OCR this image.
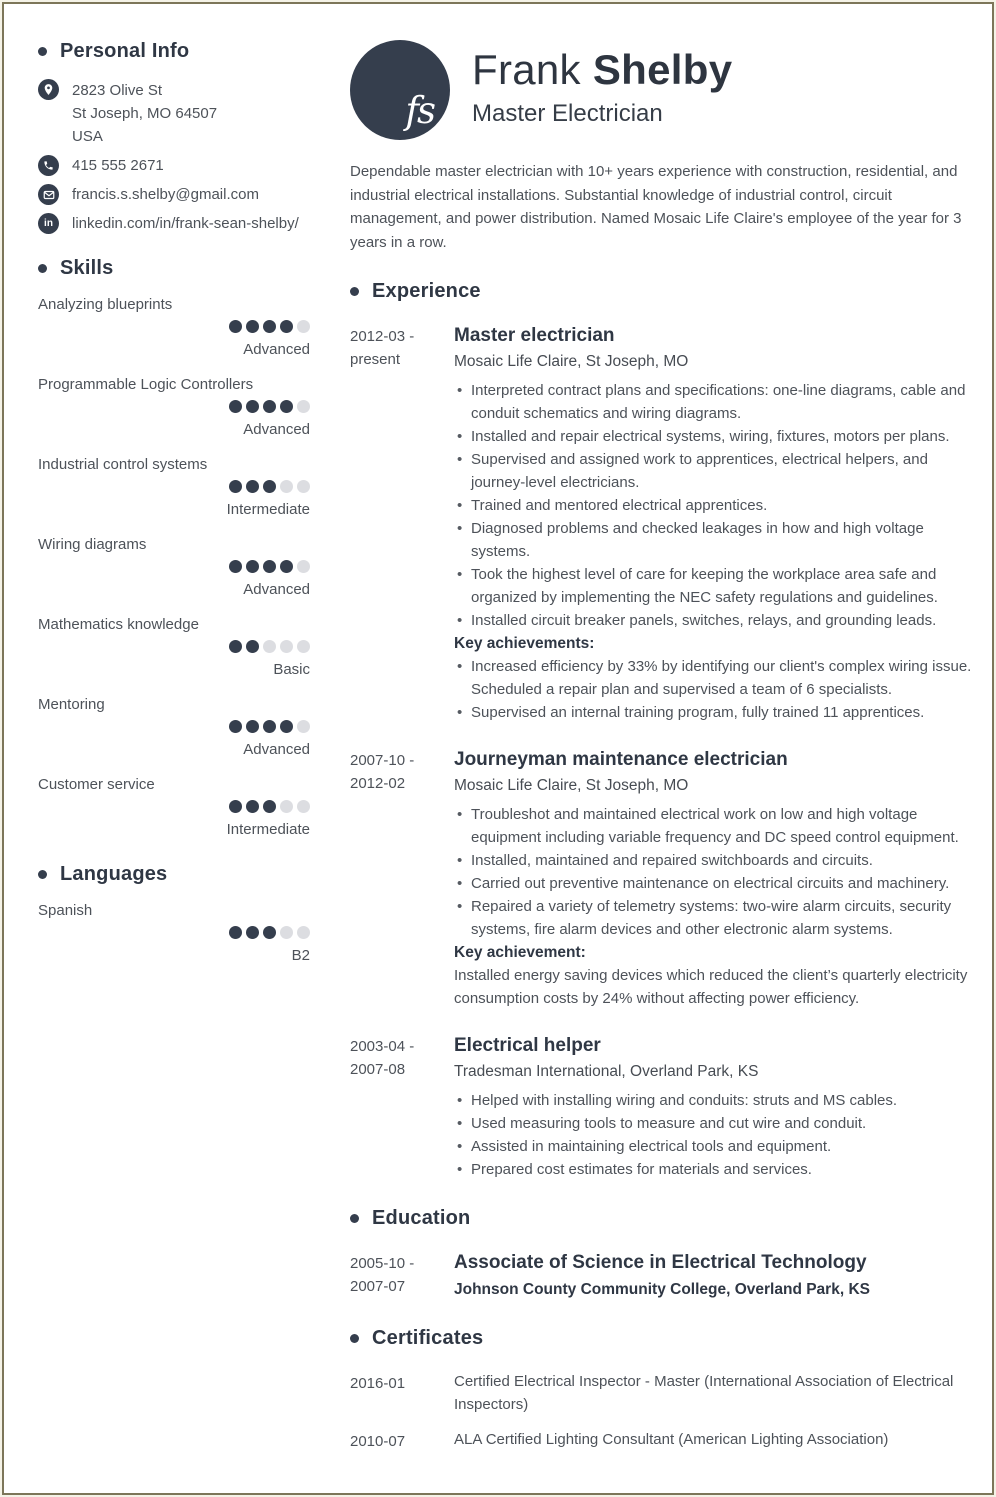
Personal Info
2823 Olive St
St Joseph, MO 64507
USA
415 555 2671
francis.s.shelby@gmail.com
in linkedin.com/in/frank-sean-shelby/
Skills
Analyzing blueprints
Advanced
Programmable Logic Controllers
Advanced
Industrial control systems
Intermediate
Wiring diagrams
Advanced
Mathematics knowledge
Basic
Mentoring
Advanced
Customer service
Intermediate
Languages
Spanish
B2
fs
Frank Shelby
Master Electrician

Dependable master electrician with 10+ years experience with construction, residential, and industrial electrical installations. Substantial knowledge of industrial control, circuit management, and power distribution. Named Mosaic Life Claire's employee of the year for 3 years in a row.

Experience
2012-03 -
present
Master electrician
Mosaic Life Claire, St Joseph, MO
• Interpreted contract plans and specifications: one-line diagrams, cable and conduit schematics and wiring diagrams.
• Installed and repair electrical systems, wiring, fixtures, motors per plans.
• Supervised and assigned work to apprentices, electrical helpers, and journey-level electricians.
• Trained and mentored electrical apprentices.
• Diagnosed problems and checked leakages in how and high voltage systems.
• Took the highest level of care for keeping the workplace area safe and organized by implementing the NEC safety regulations and guidelines.
• Installed circuit breaker panels, switches, relays, and grounding leads.
Key achievements:
• Increased efficiency by 33% by identifying our client's complex wiring issue. Scheduled a repair plan and supervised a team of 6 specialists.
• Supervised an internal training program, fully trained 11 apprentices.
2007-10 -
2012-02
Journeyman maintenance electrician
Mosaic Life Claire, St Joseph, MO
• Troubleshot and maintained electrical work on low and high voltage equipment including variable frequency and DC speed control equipment.
• Installed, maintained and repaired switchboards and circuits.
• Carried out preventive maintenance on electrical circuits and machinery.
• Repaired a variety of telemetry systems: two-wire alarm circuits, security systems, fire alarm devices and other electronic alarm systems.
Key achievement:
Installed energy saving devices which reduced the client’s quarterly electricity consumption costs by 24% without affecting power efficiency.
2003-04 -
2007-08
Electrical helper
Tradesman International, Overland Park, KS
• Helped with installing wiring and conduits: struts and MS cables.
• Used measuring tools to measure and cut wire and conduit.
• Assisted in maintaining electrical tools and equipment.
• Prepared cost estimates for materials and services.
Education
2005-10 -
2007-07
Associate of Science in Electrical Technology
Johnson County Community College, Overland Park, KS
Certificates
2016-01	Certified Electrical Inspector - Master (International Association of Electrical Inspectors)
2010-07	ALA Certified Lighting Consultant (American Lighting Association)
